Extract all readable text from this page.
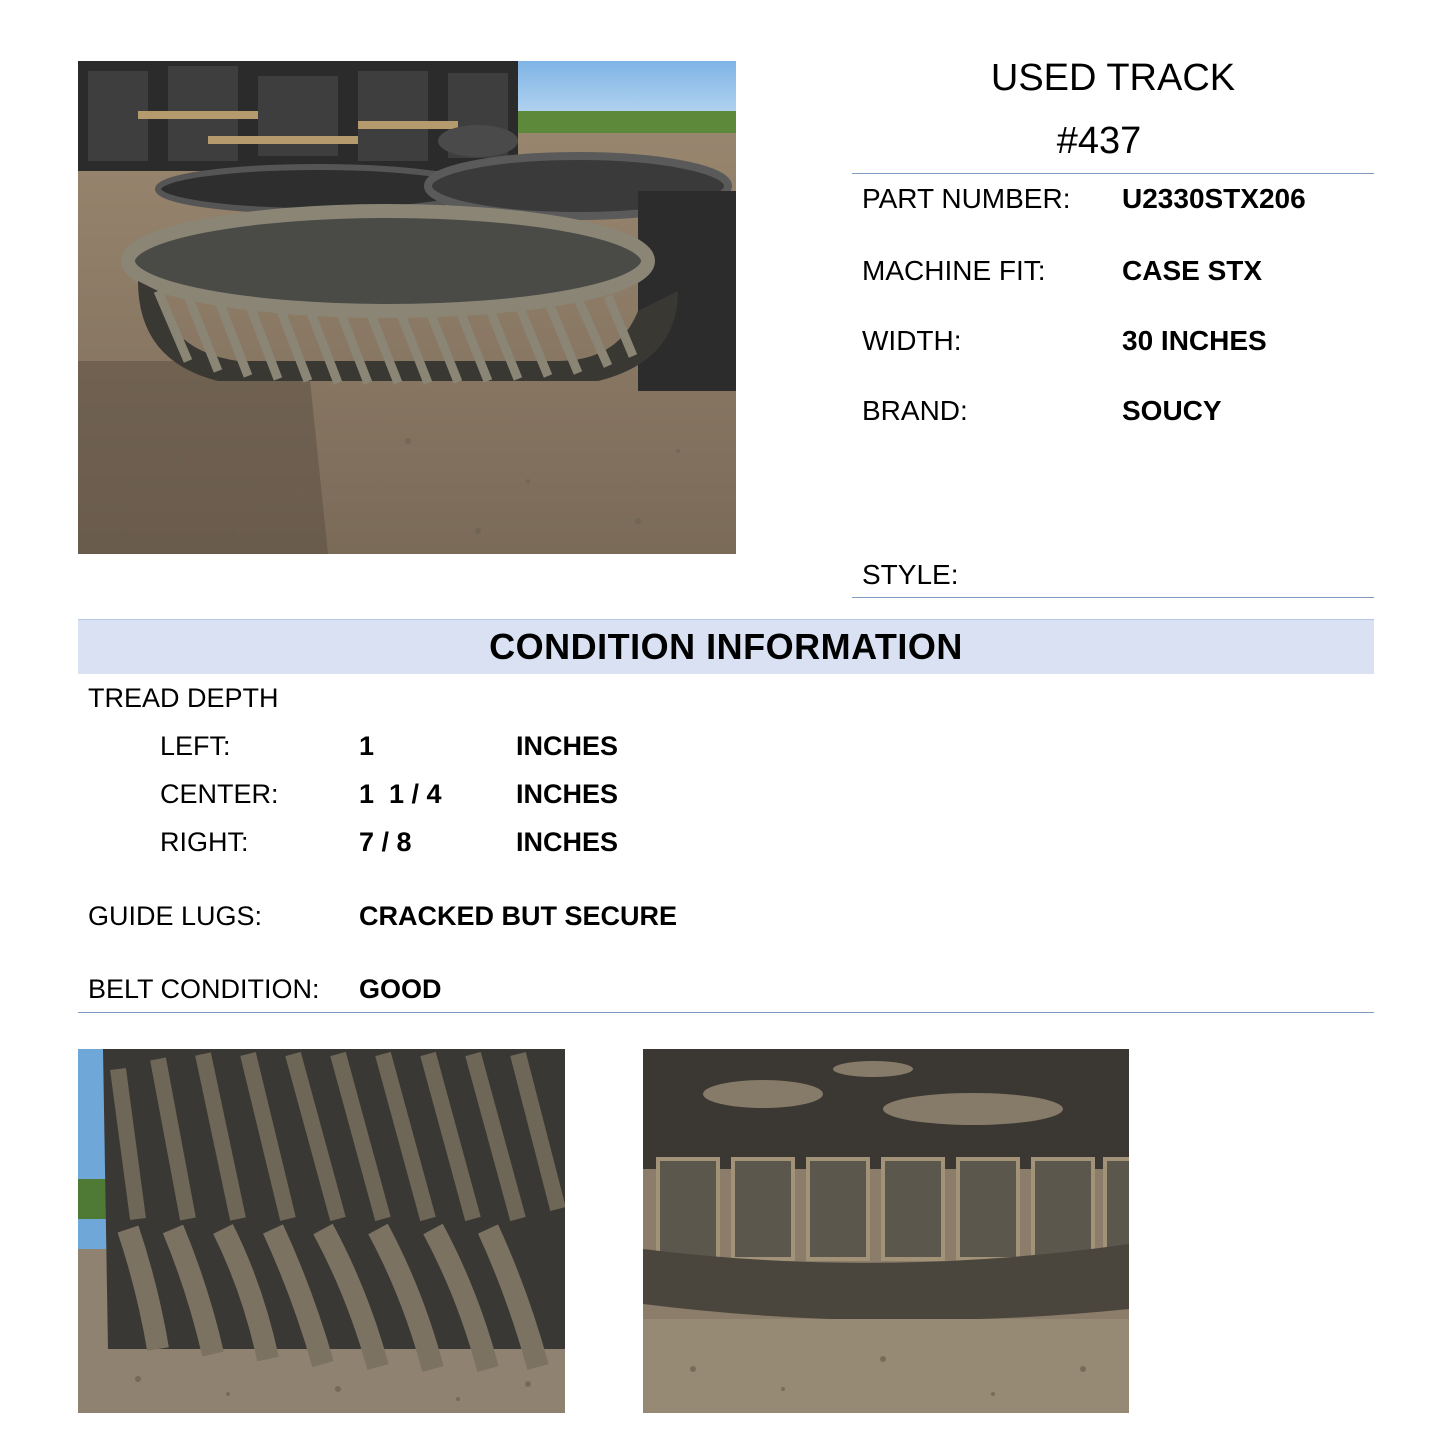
USED TRACK
#437
PART NUMBER: U2330STX206
MACHINE FIT:	CASE STX
WIDTH:	30 INCHES
BRAND:	SOUCY
STYLE:
CONDITION INFORMATION
TREAD DEPTH
LEFT:	1	INCHES
CENTER:	1  1 / 4	INCHES
RIGHT:	7 / 8	INCHES
GUIDE LUGS:	CRACKED BUT SECURE
BELT CONDITION: GOOD
